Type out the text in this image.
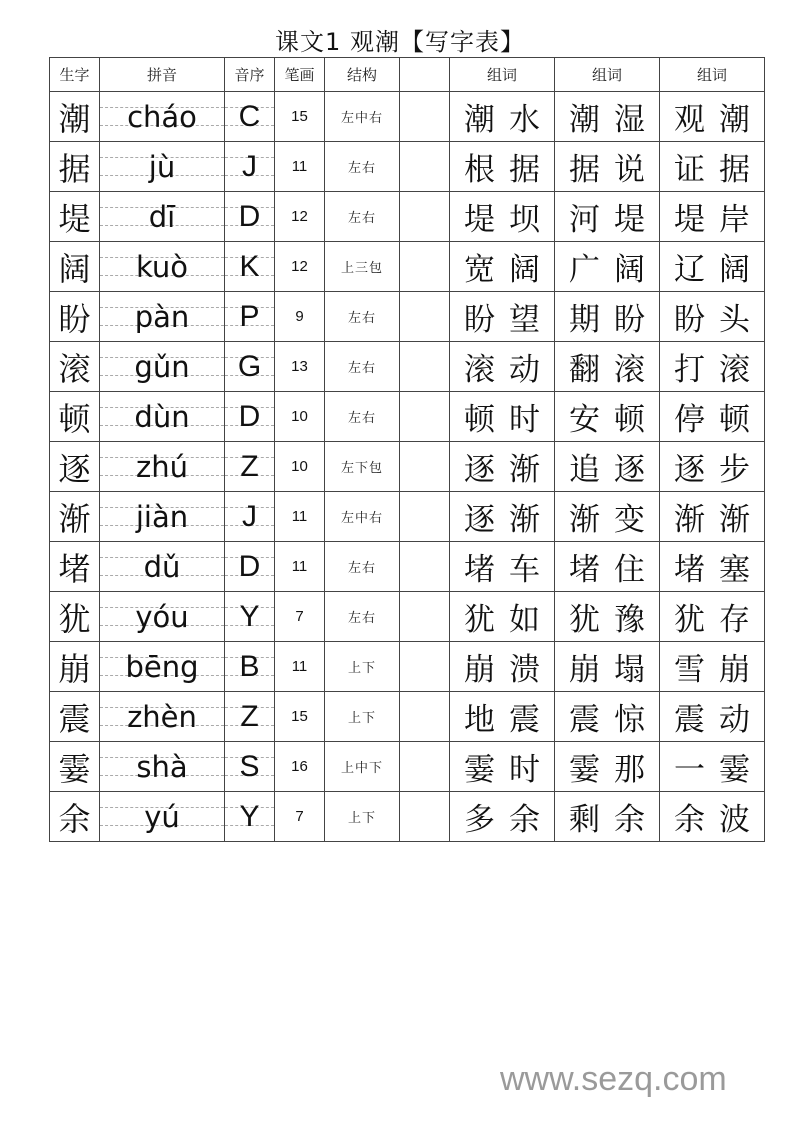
课文1 观潮【写字表】
生字	拼音	音序	笔画	结构		组词	组词	组词
潮	cháo	C	15	左中右		潮水	潮湿	观潮
据	jù	J	11	左右		根据	据说	证据
堤	dī	D	12	左右		堤坝	河堤	堤岸
阔	kuò	K	12	上三包		宽阔	广阔	辽阔
盼	pàn	P	9	左右		盼望	期盼	盼头
滚	gǔn	G	13	左右		滚动	翻滚	打滚
顿	dùn	D	10	左右		顿时	安顿	停顿
逐	zhú	Z	10	左下包		逐渐	追逐	逐步
渐	jiàn	J	11	左中右		逐渐	渐变	渐渐
堵	dǔ	D	11	左右		堵车	堵住	堵塞
犹	yóu	Y	7	左右		犹如	犹豫	犹存
崩	bēng	B	11	上下		崩溃	崩塌	雪崩
震	zhèn	Z	15	上下		地震	震惊	震动
霎	shà	S	16	上中下		霎时	霎那	一霎
余	yú	Y	7	上下		多余	剩余	余波
www.sezq.com
